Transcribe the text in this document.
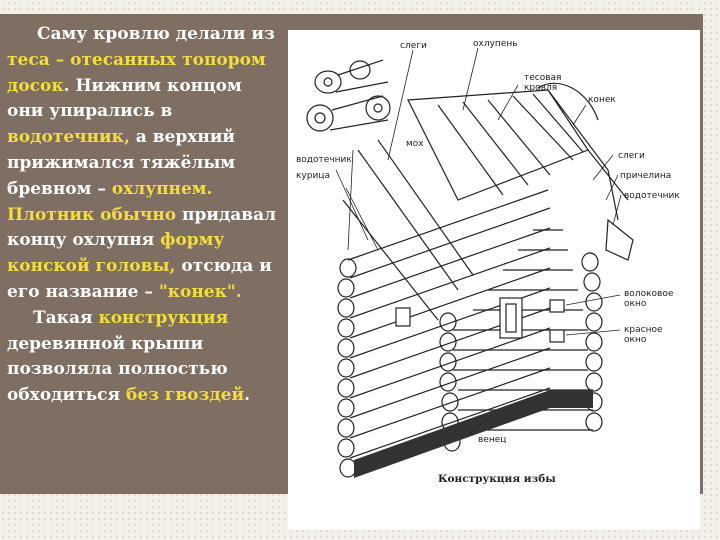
Саму кровлю делали из теса – отесанных топором досок. Нижним концом они упирались в водотечник, а верхний прижимался тяжёлым бревном – охлупнем. Плотник обычно придавал концу охлупня форму конской головы, отсюда и его название – "конек".

Такая конструкция деревянной крыши позволяла полностью обходиться без гвоздей.

слеги	охлупень
тесовая
кровля
конек
мох
водотечник
курица
слеги
причелина
водотечник
волоковое
окно
красное
окно
венец
Конструкция избы
